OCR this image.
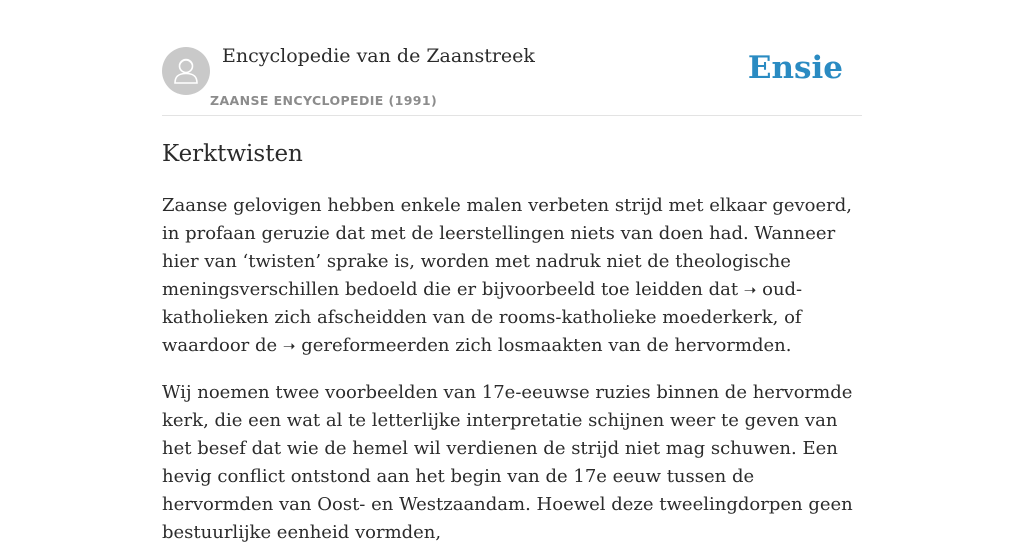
Encyclopedie van de Zaanstreek
ZAANSE ENCYCLOPEDIE (1991)
Ensie
Kerktwisten

Zaanse gelovigen hebben enkele malen verbeten strijd met elkaar gevoerd, in profaan geruzie dat met de leerstellingen niets van doen had. Wanneer hier van ‘twisten’ sprake is, worden met nadruk niet de theologische meningsverschillen bedoeld die er bijvoorbeeld toe leidden dat ➝ oud-katholieken zich afscheidden van de rooms-katholieke moederkerk, of waardoor de ➝ gereformeerden zich losmaakten van de hervormden.

Wij noemen twee voorbeelden van 17e-eeuwse ruzies binnen de hervormde kerk, die een wat al te letterlijke interpretatie schijnen weer te geven van het besef dat wie de hemel wil verdienen de strijd niet mag schuwen. Een hevig conflict ontstond aan het begin van de 17e eeuw tussen de hervormden van Oost- en Westzaandam. Hoewel deze tweelingdorpen geen bestuurlijke eenheid vormden,
